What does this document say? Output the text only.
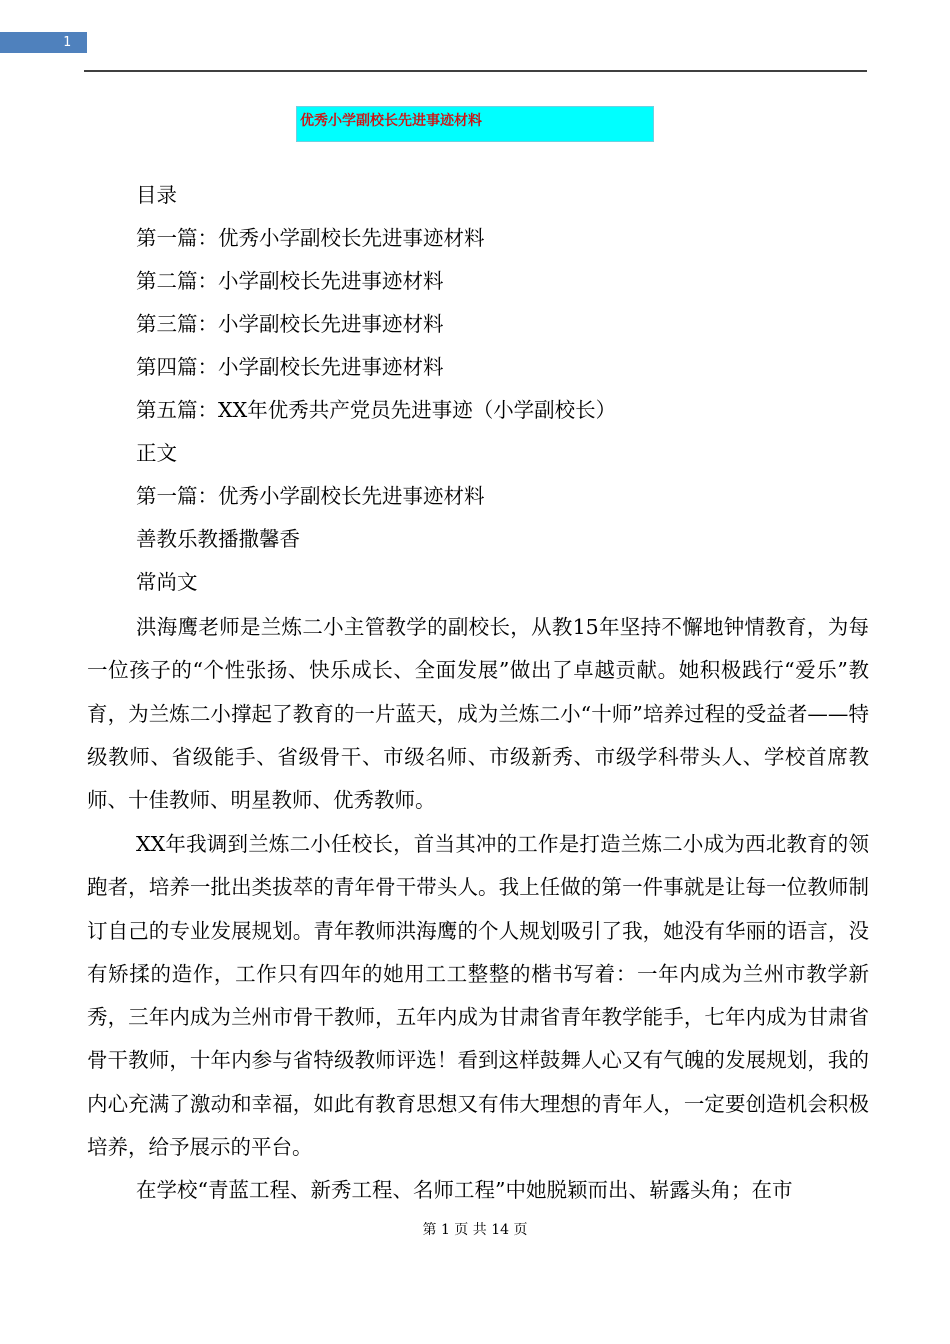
1
优秀小学副校长先进事迹材料
目录
第一篇：优秀小学副校长先进事迹材料
第二篇：小学副校长先进事迹材料
第三篇：小学副校长先进事迹材料
第四篇：小学副校长先进事迹材料
第五篇：XX年优秀共产党员先进事迹（小学副校长）
正文
第一篇：优秀小学副校长先进事迹材料
善教乐教播撒馨香
常尚文

洪海鹰老师是兰炼二小主管教学的副校长，从教15年坚持不懈地钟情教育，为每一位孩子的“个性张扬、快乐成长、全面发展”做出了卓越贡献。她积极践行“爱乐”教育，为兰炼二小撑起了教育的一片蓝天，成为兰炼二小“十师”培养过程的受益者——特级教师、省级能手、省级骨干、市级名师、市级新秀、市级学科带头人、学校首席教师、十佳教师、明星教师、优秀教师。

XX年我调到兰炼二小任校长，首当其冲的工作是打造兰炼二小成为西北教育的领跑者，培养一批出类拔萃的青年骨干带头人。我上任做的第一件事就是让每一位教师制订自己的专业发展规划。青年教师洪海鹰的个人规划吸引了我，她没有华丽的语言，没有矫揉的造作，工作只有四年的她用工工整整的楷书写着：一年内成为兰州市教学新秀，三年内成为兰州市骨干教师，五年内成为甘肃省青年教学能手，七年内成为甘肃省骨干教师，十年内参与省特级教师评选！看到这样鼓舞人心又有气魄的发展规划，我的内心充满了激动和幸福，如此有教育思想又有伟大理想的青年人，一定要创造机会积极培养，给予展示的平台。

在学校“青蓝工程、新秀工程、名师工程”中她脱颖而出、崭露头角；在市

第 1 页 共 14 页
